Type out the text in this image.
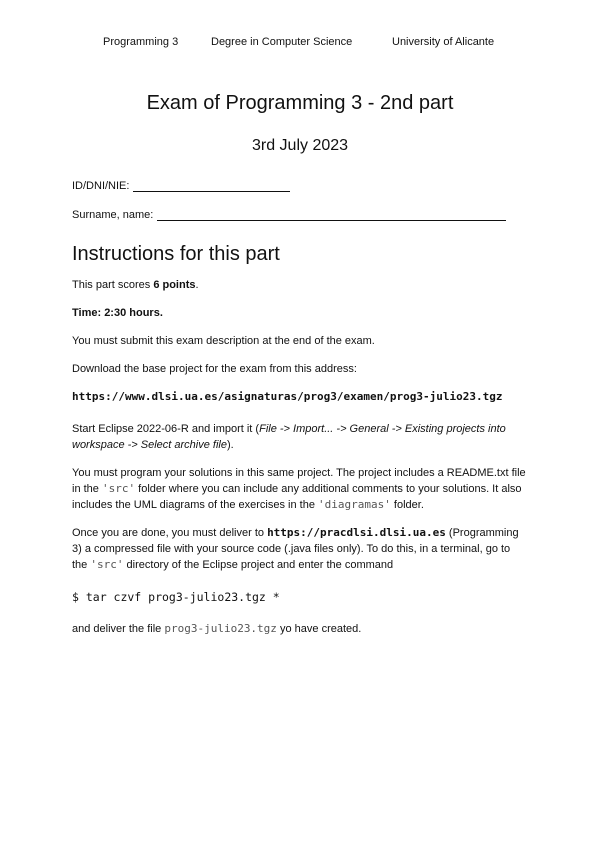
Programming 3	Degree in Computer Science	University of Alicante
Exam of Programming 3 - 2nd part
3rd July 2023
ID/DNI/NIE:
Surname, name:
Instructions for this part

This part scores 6 points.

Time: 2:30 hours.

You must submit this exam description at the end of the exam.

Download the base project for the exam from this address:

https://www.dlsi.ua.es/asignaturas/prog3/examen/prog3-julio23.tgz

Start Eclipse 2022-06-R and import it (File -> Import... -> General -> Existing projects into workspace -> Select archive file).

You must program your solutions in this same project. The project includes a README.txt file in the 'src' folder where you can include any additional comments to your solutions. It also includes the UML diagrams of the exercises in the 'diagramas' folder.

Once you are done, you must deliver to https://pracdlsi.dlsi.ua.es (Programming 3) a compressed file with your source code (.java files only). To do this, in a terminal, go to the 'src' directory of the Eclipse project and enter the command

$ tar czvf prog3-julio23.tgz *

and deliver the file prog3-julio23.tgz yo have created.
